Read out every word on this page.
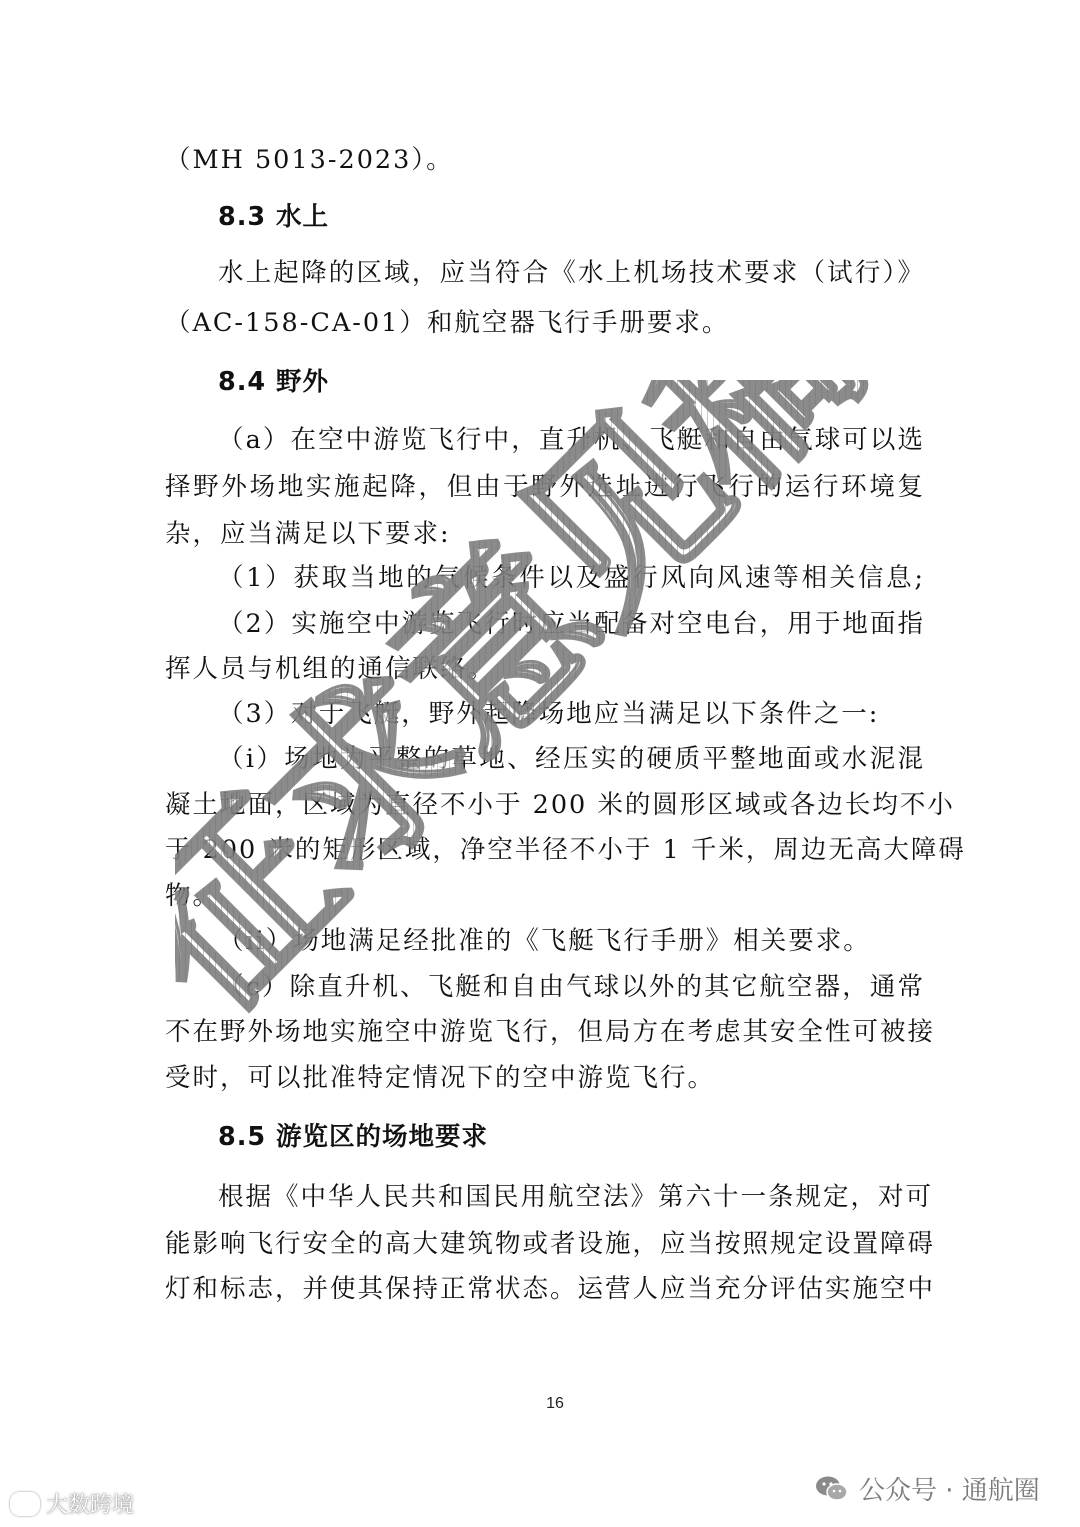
（MH 5013-2023）。
8.3 水上
水上起降的区域，应当符合《水上机场技术要求（试行）》
（AC-158-CA-01）和航空器飞行手册要求。
8.4 野外
（a）在空中游览飞行中，直升机、飞艇和自由气球可以选
择野外场地实施起降，但由于野外选址进行飞行的运行环境复
杂，应当满足以下要求:
（1）获取当地的气候条件以及盛行风向风速等相关信息;
（2）实施空中游览飞行时应当配备对空电台，用于地面指
挥人员与机组的通信联络。
（3）对于飞艇，野外起降场地应当满足以下条件之一:
（i）场地为平整的草地、经压实的硬质平整地面或水泥混
凝土地面，区域为直径不小于 200 米的圆形区域或各边长均不小
于 200 米的矩形区域，净空半径不小于 1 千米，周边无高大障碍
物。
（ii）场地满足经批准的《飞艇飞行手册》相关要求。
（c）除直升机、飞艇和自由气球以外的其它航空器，通常
不在野外场地实施空中游览飞行，但局方在考虑其安全性可被接
受时，可以批准特定情况下的空中游览飞行。
8.5 游览区的场地要求
根据《中华人民共和国民用航空法》第六十一条规定，对可
能影响飞行安全的高大建筑物或者设施，应当按照规定设置障碍
灯和标志，并使其保持正常状态。运营人应当充分评估实施空中
16
征求意见稿
大数跨境	公众号 · 通航圈
